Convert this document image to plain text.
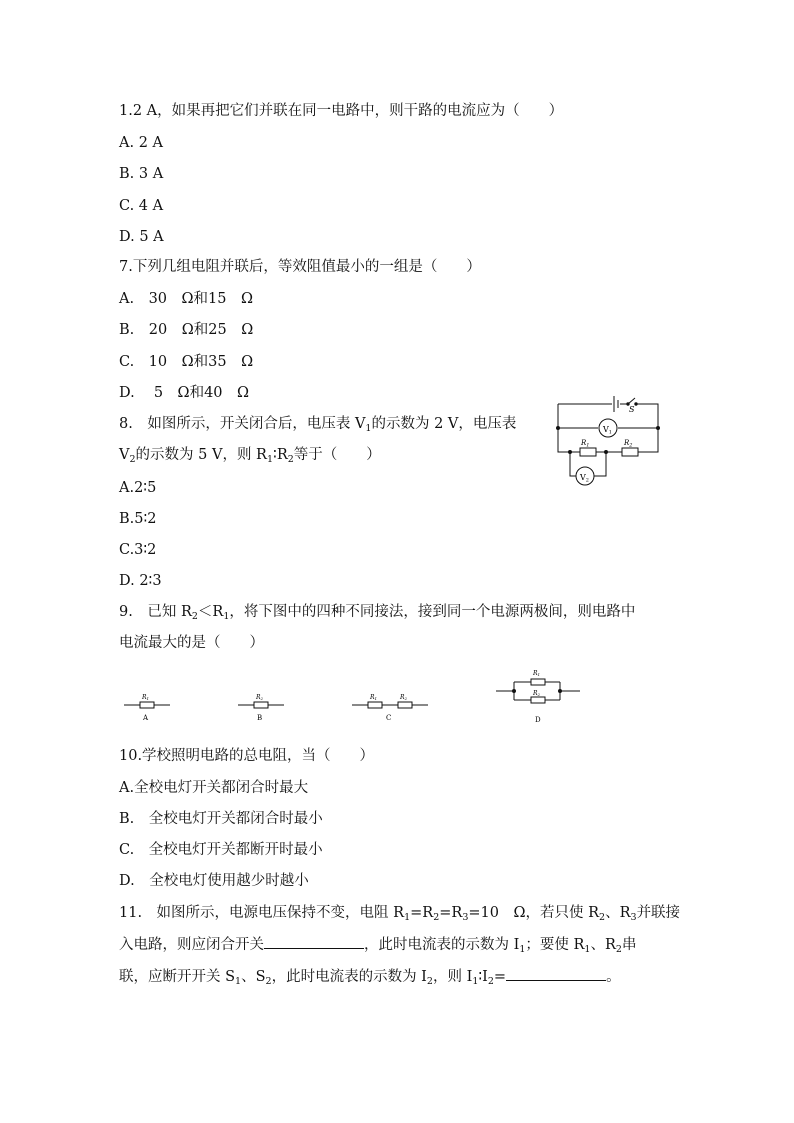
1.2 A，如果再把它们并联在同一电路中，则干路的电流应为（　　）
A. 2 A
B. 3 A
C. 4 A
D. 5 A
7.下列几组电阻并联后，等效阻值最小的一组是（　　）
A.　30　Ω和15　Ω
B.　20　Ω和25　Ω
C.　10　Ω和35　Ω
D.　 5　Ω和40　Ω
8.　如图所示，开关闭合后，电压表 $V_1$的示数为 2 V，电压表
$V_2$的示数为 5 V，则 $R_1∶R_2$等于（　　）
A.2∶5
B.5∶2
C.3∶2
D. 2∶3
S
V1
$R_1$	$R_2$
V2
9.　已知 $R_2<R_1$，将下图中的四种不同接法，接到同一个电源两极间，则电路中
电流最大的是（　　）
R1
A
R2
B
R1	R2
C
R1
R2
D
10.学校照明电路的总电阻，当（　　）
A.全校电灯开关都闭合时最大
B.　全校电灯开关都闭合时最小
C.　全校电灯开关都断开时最小
D.　全校电灯使用越少时越小
11.　如图所示，电源电压保持不变，电阻 $R_1=R_2=R_3=10$　Ω，若只使 $R_2$、$R_3$并联接
入电路，则应闭合开关	，此时电流表的示数为 $I_1$；要使 $R_1$、$R_2$串
联，应断开开关 $S_1$、$S_2$，此时电流表的示数为 $I_2$，则 $I_1∶I_2=$	。
